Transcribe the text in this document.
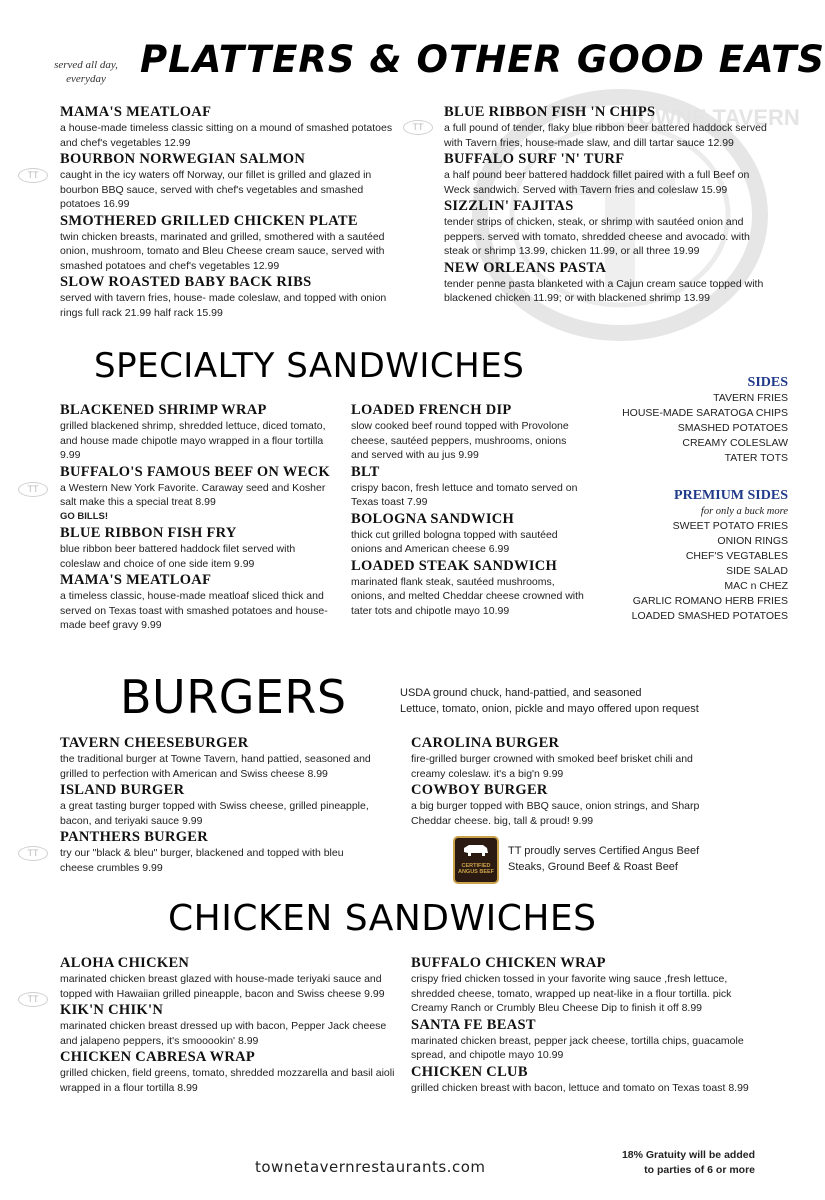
TOWNE TAVERN
served all day,
everyday PLATTERS & OTHER GOOD EATS
TT
TT
TT
TT
TT
MAMA'S MEATLOAF
a house-made timeless classic sitting on a mound of smashed potatoes and chef's vegetables 12.99
BOURBON NORWEGIAN SALMON
caught in the icy waters off Norway, our fillet is grilled and glazed in bourbon BBQ sauce, served with chef's vegetables and smashed potatoes 16.99
SMOTHERED GRILLED CHICKEN PLATE
twin chicken breasts, marinated and grilled, smothered with a sautéed onion, mushroom, tomato and Bleu Cheese cream sauce, served with smashed potatoes and chef's vegetables 12.99
SLOW ROASTED BABY BACK RIBS
served with tavern fries, house- made coleslaw, and topped with onion rings full rack 21.99 half rack 15.99
BLUE RIBBON FISH 'N CHIPS
a full pound of tender, flaky blue ribbon beer battered haddock served with Tavern fries, house-made slaw, and dill tartar sauce 12.99
BUFFALO SURF 'N' TURF
a half pound beer battered haddock fillet paired with a full Beef on Weck sandwich. Served with Tavern fries and coleslaw 15.99
SIZZLIN' FAJITAS
tender strips of chicken, steak, or shrimp with sautéed onion and peppers. served with tomato, shredded cheese and avocado. with steak or shrimp 13.99, chicken 11.99, or all three 19.99
NEW ORLEANS PASTA
tender penne pasta blanketed with a Cajun cream sauce topped with blackened chicken 11.99; or with blackened shrimp 13.99
SPECIALTY SANDWICHES
BLACKENED SHRIMP WRAP
grilled blackened shrimp, shredded lettuce, diced tomato, and house made chipotle mayo wrapped in a flour tortilla 9.99
BUFFALO'S FAMOUS BEEF ON WECK
a Western New York Favorite. Caraway seed and Kosher salt make this a special treat 8.99
GO BILLS!
BLUE RIBBON FISH FRY
blue ribbon beer battered haddock filet served with coleslaw and choice of one side item 9.99
MAMA'S MEATLOAF
a timeless classic, house-made meatloaf sliced thick and served on Texas toast with smashed potatoes and house-made beef gravy 9.99
LOADED FRENCH DIP
slow cooked beef round topped with Provolone cheese, sautéed peppers, mushrooms, onions and served with au jus 9.99
BLT
crispy bacon, fresh lettuce and tomato served on Texas toast 7.99
BOLOGNA SANDWICH
thick cut grilled bologna topped with sautéed onions and American cheese 6.99
LOADED STEAK SANDWICH
marinated flank steak, sautéed mushrooms, onions, and melted Cheddar cheese crowned with tater tots and chipotle mayo 10.99
SIDES
TAVERN FRIES
HOUSE-MADE SARATOGA CHIPS
SMASHED POTATOES
CREAMY COLESLAW
TATER TOTS
PREMIUM SIDES
for only a buck more
SWEET POTATO FRIES
ONION RINGS
CHEF'S VEGTABLES
SIDE SALAD
MAC n CHEZ
GARLIC ROMANO HERB FRIES
LOADED SMASHED POTATOES
BURGERS	USDA ground chuck, hand-pattied, and seasoned
Lettuce, tomato, onion, pickle and mayo offered upon request
TAVERN CHEESEBURGER
the traditional burger at Towne Tavern, hand pattied, seasoned and grilled to perfection with American and Swiss cheese 8.99
ISLAND BURGER
a great tasting burger topped with Swiss cheese, grilled pineapple, bacon, and teriyaki sauce 9.99
PANTHERS BURGER
try our "black & bleu" burger, blackened and topped with bleu cheese crumbles 9.99
CAROLINA BURGER
fire-grilled burger crowned with smoked beef brisket chili and creamy coleslaw. it's a big'n 9.99
COWBOY BURGER
a big burger topped with BBQ sauce, onion strings, and Sharp Cheddar cheese. big, tall & proud! 9.99
CERTIFIED ANGUS BEEF
TT proudly serves Certified Angus Beef
Steaks, Ground Beef & Roast Beef
CHICKEN SANDWICHES
ALOHA CHICKEN
marinated chicken breast glazed with house-made teriyaki sauce and topped with Hawaiian grilled pineapple, bacon and Swiss cheese 9.99
KIK'N CHIK'N
marinated chicken breast dressed up with bacon, Pepper Jack cheese and jalapeno peppers, it's smooookin' 8.99
CHICKEN CABRESA WRAP
grilled chicken, field greens, tomato, shredded mozzarella and basil aioli wrapped in a flour tortilla 8.99
BUFFALO CHICKEN WRAP
crispy fried chicken tossed in your favorite wing sauce ,fresh lettuce, shredded cheese, tomato, wrapped up neat-like in a flour tortilla. pick Creamy Ranch or Crumbly Bleu Cheese Dip to finish it off 8.99
SANTA FE BEAST
marinated chicken breast, pepper jack cheese, tortilla chips, guacamole spread, and chipotle mayo 10.99
CHICKEN CLUB
grilled chicken breast with bacon, lettuce and tomato on Texas toast 8.99
townetavernrestaurants.com
18% Gratuity will be added
to parties of 6 or more
